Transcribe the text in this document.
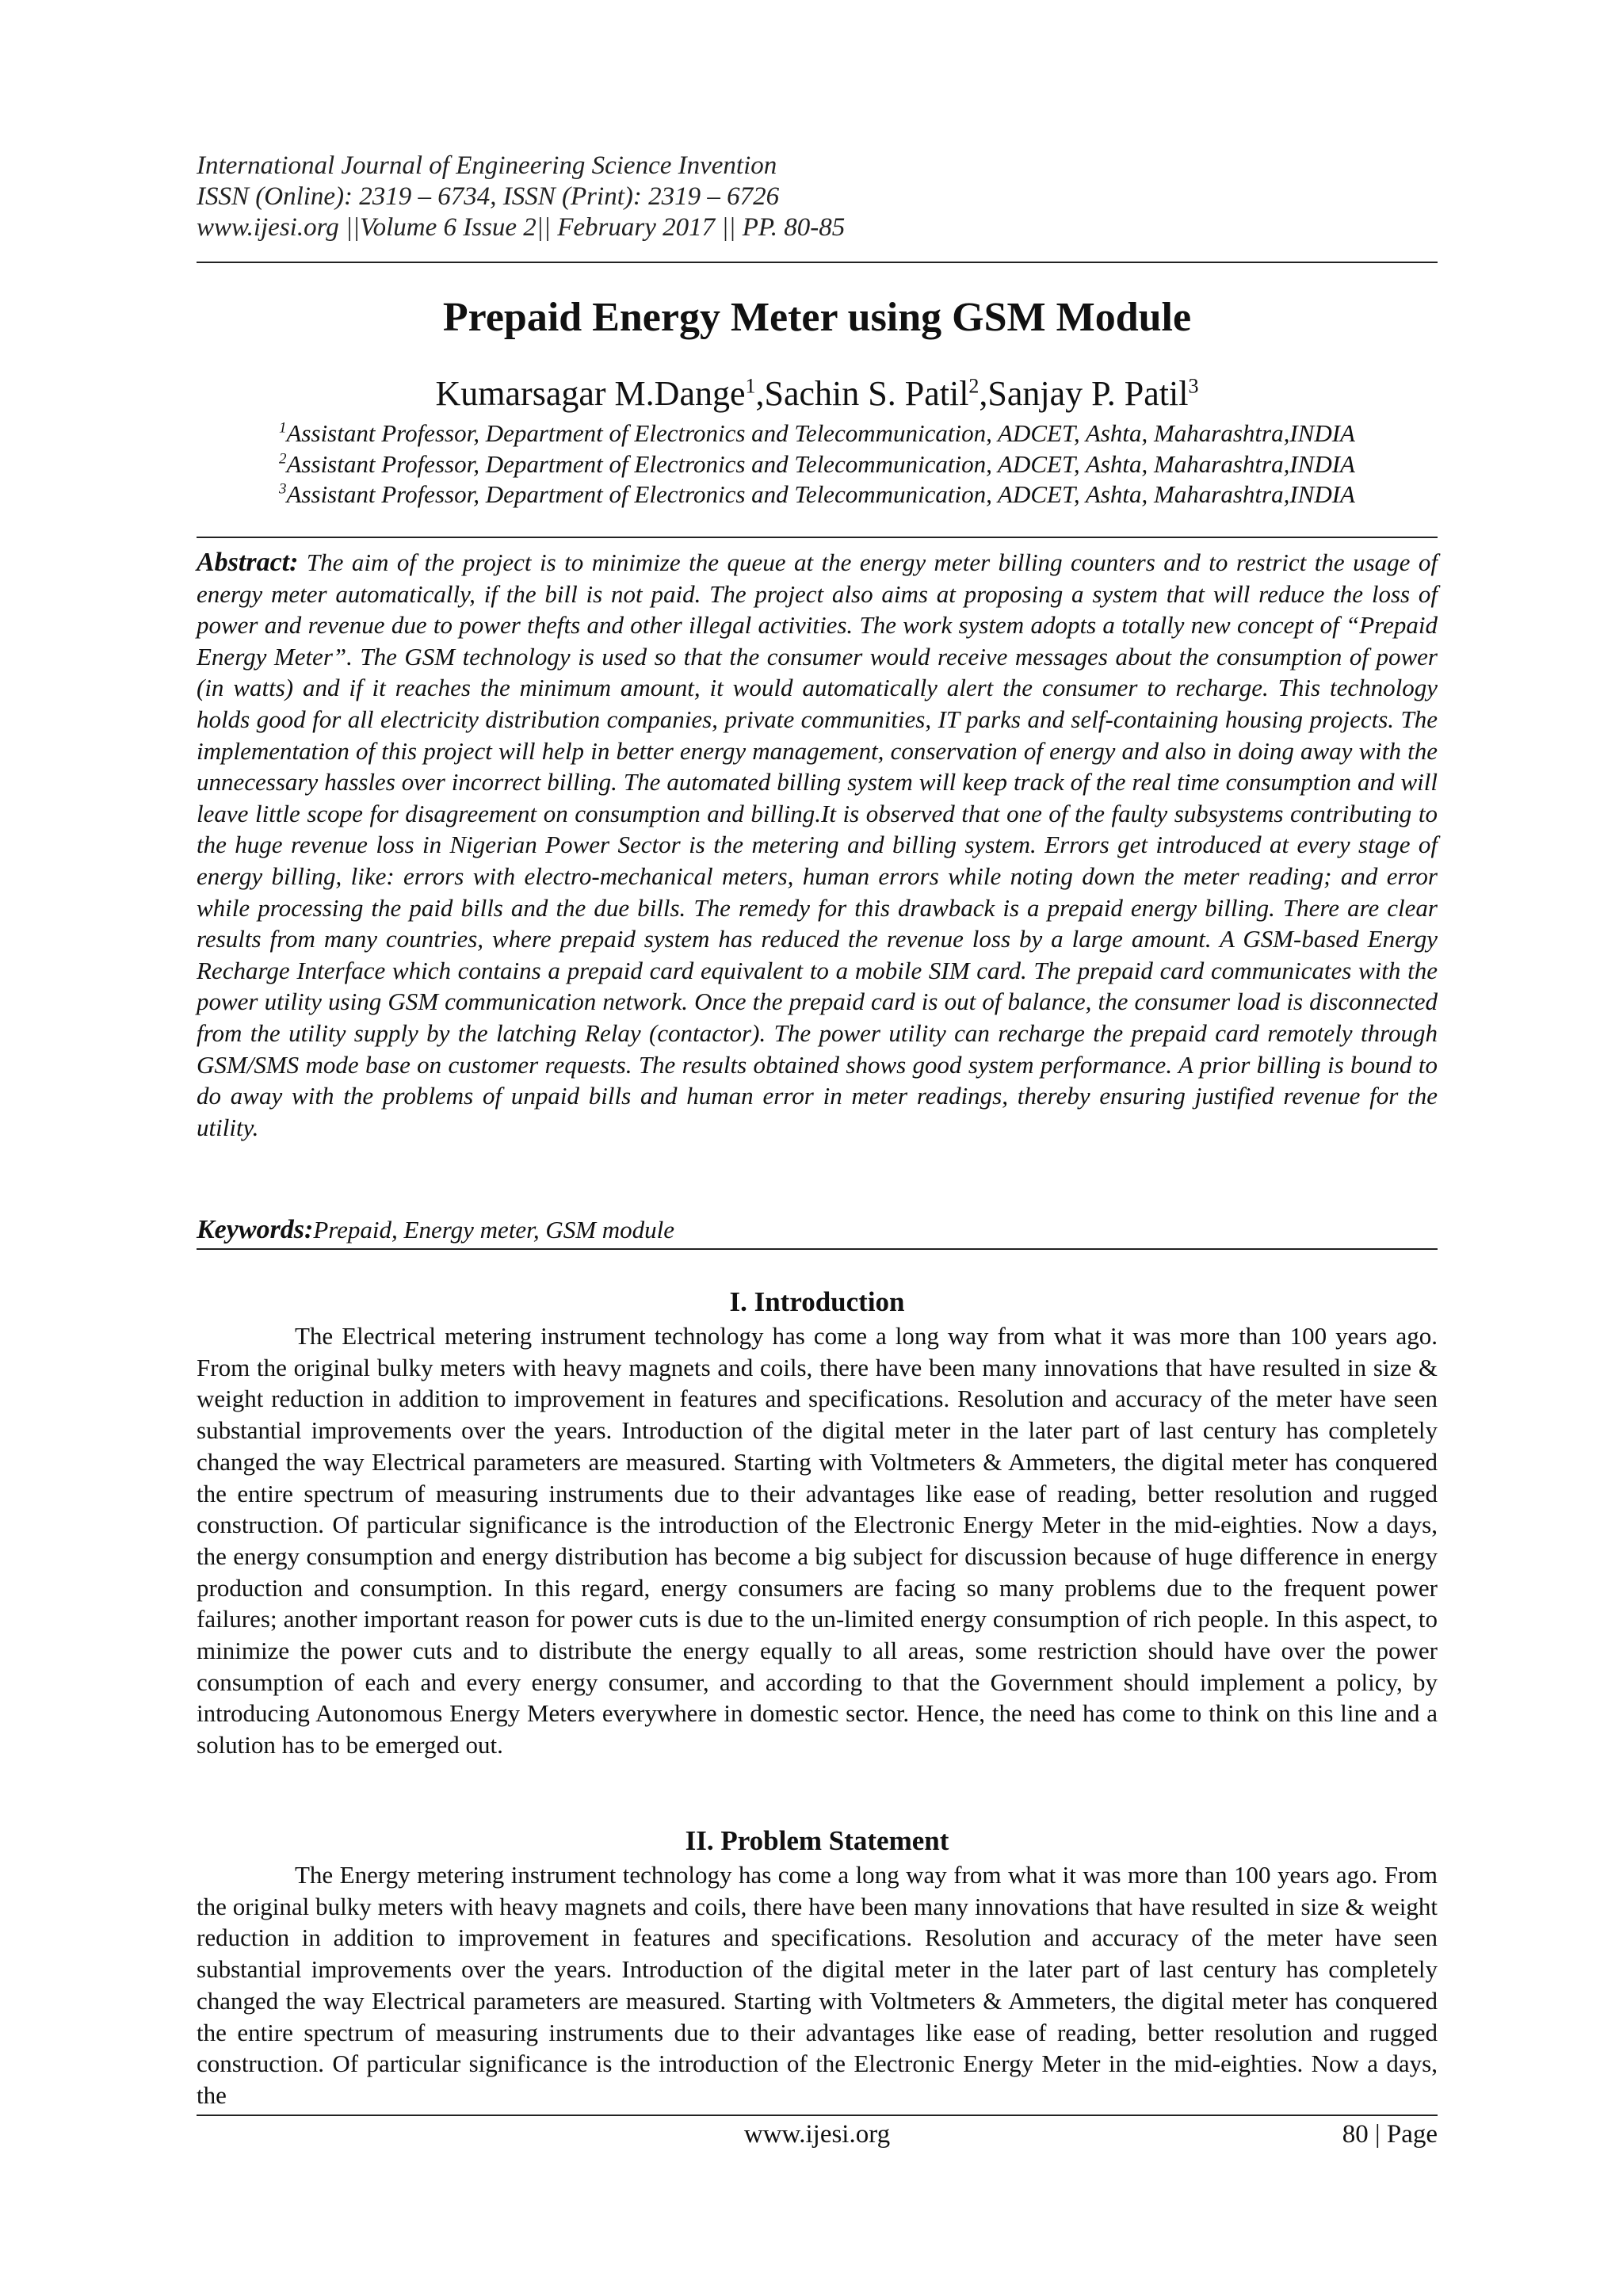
International Journal of Engineering Science Invention
ISSN (Online): 2319 – 6734, ISSN (Print): 2319 – 6726
www.ijesi.org ||Volume 6 Issue 2|| February 2017 || PP. 80-85
Prepaid Energy Meter using GSM Module
Kumarsagar M.Dange$^1$,Sachin S. Patil$^2$,Sanjay P. Patil$^3$
$^1$Assistant Professor, Department of Electronics and Telecommunication, ADCET, Ashta, Maharashtra,INDIA
$^2$Assistant Professor, Department of Electronics and Telecommunication, ADCET, Ashta, Maharashtra,INDIA
$^3$Assistant Professor, Department of Electronics and Telecommunication, ADCET, Ashta, Maharashtra,INDIA
Abstract: The aim of the project is to minimize the queue at the energy meter billing counters and to restrict the usage of energy meter automatically, if the bill is not paid. The project also aims at proposing a system that will reduce the loss of power and revenue due to power thefts and other illegal activities. The work system adopts a totally new concept of “Prepaid Energy Meter”. The GSM technology is used so that the consumer would receive messages about the consumption of power (in watts) and if it reaches the minimum amount, it would automatically alert the consumer to recharge. This technology holds good for all electricity distribution companies, private communities, IT parks and self-containing housing projects. The implementation of this project will help in better energy management, conservation of energy and also in doing away with the unnecessary hassles over incorrect billing. The automated billing system will keep track of the real time consumption and will leave little scope for disagreement on consumption and billing.It is observed that one of the faulty subsystems contributing to the huge revenue loss in Nigerian Power Sector is the metering and billing system. Errors get introduced at every stage of energy billing, like: errors with electro-mechanical meters, human errors while noting down the meter reading; and error while processing the paid bills and the due bills. The remedy for this drawback is a prepaid energy billing. There are clear results from many countries, where prepaid system has reduced the revenue loss by a large amount. A GSM-based Energy Recharge Interface which contains a prepaid card equivalent to a mobile SIM card. The prepaid card communicates with the power utility using GSM communication network. Once the prepaid card is out of balance, the consumer load is disconnected from the utility supply by the latching Relay (contactor). The power utility can recharge the prepaid card remotely through GSM/SMS mode base on customer requests. The results obtained shows good system performance. A prior billing is bound to do away with the problems of unpaid bills and human error in meter readings, thereby ensuring justified revenue for the utility.
Keywords:Prepaid, Energy meter, GSM module
I. Introduction
The Electrical metering instrument technology has come a long way from what it was more than 100 years ago. From the original bulky meters with heavy magnets and coils, there have been many innovations that have resulted in size & weight reduction in addition to improvement in features and specifications. Resolution and accuracy of the meter have seen substantial improvements over the years. Introduction of the digital meter in the later part of last century has completely changed the way Electrical parameters are measured. Starting with Voltmeters & Ammeters, the digital meter has conquered the entire spectrum of measuring instruments due to their advantages like ease of reading, better resolution and rugged construction. Of particular significance is the introduction of the Electronic Energy Meter in the mid-eighties. Now a days, the energy consumption and energy distribution has become a big subject for discussion because of huge difference in energy production and consumption. In this regard, energy consumers are facing so many problems due to the frequent power failures; another important reason for power cuts is due to the un-limited energy consumption of rich people. In this aspect, to minimize the power cuts and to distribute the energy equally to all areas, some restriction should have over the power consumption of each and every energy consumer, and according to that the Government should implement a policy, by introducing Autonomous Energy Meters everywhere in domestic sector. Hence, the need has come to think on this line and a solution has to be emerged out.
II. Problem Statement
The Energy metering instrument technology has come a long way from what it was more than 100 years ago. From the original bulky meters with heavy magnets and coils, there have been many innovations that have resulted in size & weight reduction in addition to improvement in features and specifications. Resolution and accuracy of the meter have seen substantial improvements over the years. Introduction of the digital meter in the later part of last century has completely changed the way Electrical parameters are measured. Starting with Voltmeters & Ammeters, the digital meter has conquered the entire spectrum of measuring instruments due to their advantages like ease of reading, better resolution and rugged construction. Of particular significance is the introduction of the Electronic Energy Meter in the mid-eighties. Now a days, the
www.ijesi.org	80 | Page
